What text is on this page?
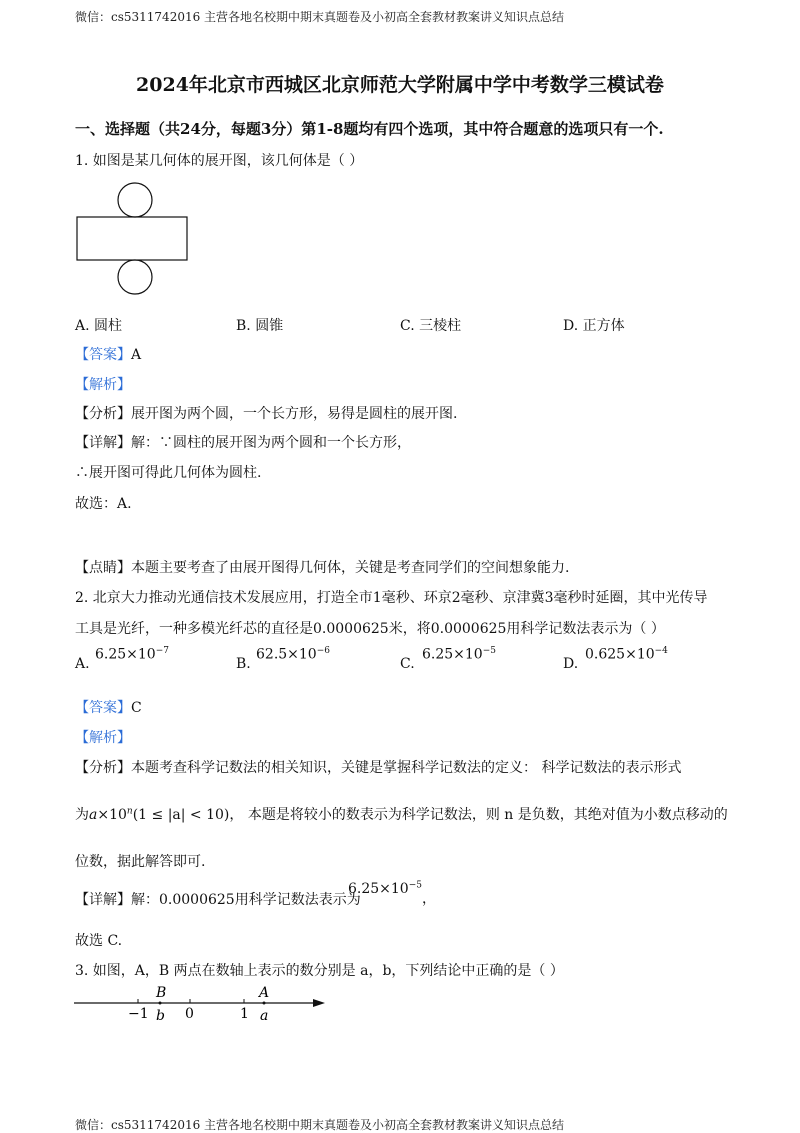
微信：cs5311742016 主营各地名校期中期末真题卷及小初高全套教材教案讲义知识点总结
2024年北京市西城区北京师范大学附属中学中考数学三模试卷
一、选择题（共24分，每题3分）第1-8题均有四个选项，其中符合题意的选项只有一个.
1. 如图是某几何体的展开图，该几何体是（ ）
A. 圆柱	B. 圆锥	C. 三棱柱	D. 正方体
【答案】A
【解析】
【分析】展开图为两个圆，一个长方形，易得是圆柱的展开图.
【详解】解：∵圆柱的展开图为两个圆和一个长方形，
∴展开图可得此几何体为圆柱.
故选：A.
【点睛】本题主要考查了由展开图得几何体，关键是考查同学们的空间想象能力.
2. 北京大力推动光通信技术发展应用，打造全市1毫秒、环京2毫秒、京津冀3毫秒时延圈，其中光传导
工具是光纤，一种多模光纤芯的直径是0.0000625米，将0.0000625用科学记数法表示为（ ）
A.
$6.25\times 10^{-7}$
B.
$62.5\times 10^{-6}$
C.
$6.25\times 10^{-5}$
D.
$0.625\times 10^{-4}$
【答案】C
【解析】
【分析】本题考查科学记数法的相关知识，关键是掌握科学记数法的定义： 科学记数法的表示形式
为$a\times 10^n(1 \le |a| < 10)$， 本题是将较小的数表示为科学记数法，则 n 是负数，其绝对值为小数点移动的
位数，据此解答即可.
【详解】解：0.0000625用科学记数法表示为
$6.25\times 10^{-5}$，
故选 C.
3. 如图，A，B 两点在数轴上表示的数分别是 a，b，下列结论中正确的是（ ）
−1	0	1
B
b
A
a
微信：cs5311742016 主营各地名校期中期末真题卷及小初高全套教材教案讲义知识点总结
